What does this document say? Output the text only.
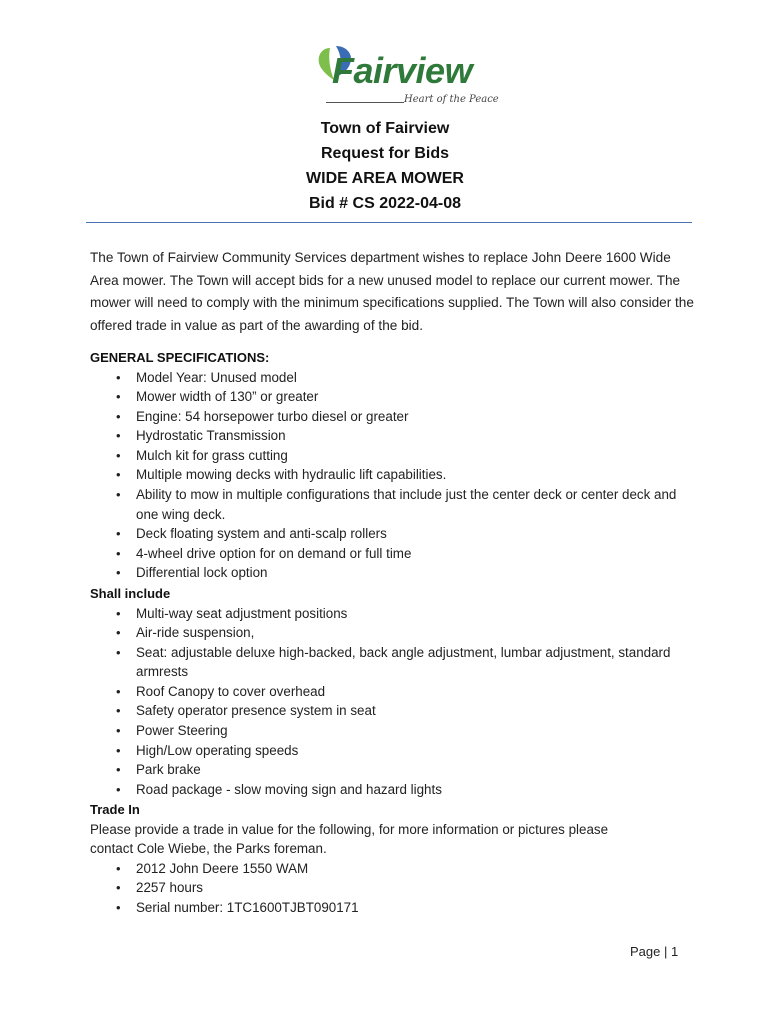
Fairview
Heart of the Peace
Town of Fairview
Request for Bids
WIDE AREA MOWER
Bid # CS 2022-04-08
The Town of Fairview Community Services department wishes to replace John Deere 1600 Wide Area mower. The Town will accept bids for a new unused model to replace our current mower. The mower will need to comply with the minimum specifications supplied. The Town will also consider the offered trade in value as part of the awarding of the bid.
GENERAL SPECIFICATIONS:
• Model Year: Unused model
• Mower width of 130” or greater
• Engine: 54 horsepower turbo diesel or greater
• Hydrostatic Transmission
• Mulch kit for grass cutting
• Multiple mowing decks with hydraulic lift capabilities.
• Ability to mow in multiple configurations that include just the center deck or center deck and one wing deck.
• Deck floating system and anti-scalp rollers
• 4-wheel drive option for on demand or full time
• Differential lock option
Shall include
• Multi-way seat adjustment positions
• Air-ride suspension,
• Seat: adjustable deluxe high-backed, back angle adjustment, lumbar adjustment, standard armrests
• Roof Canopy to cover overhead
• Safety operator presence system in seat
• Power Steering
• High/Low operating speeds
• Park brake
• Road package - slow moving sign and hazard lights
Trade In
Please provide a trade in value for the following, for more information or pictures please contact Cole Wiebe, the Parks foreman.
• 2012 John Deere 1550 WAM
• 2257 hours
• Serial number: 1TC1600TJBT090171
Page | 1
